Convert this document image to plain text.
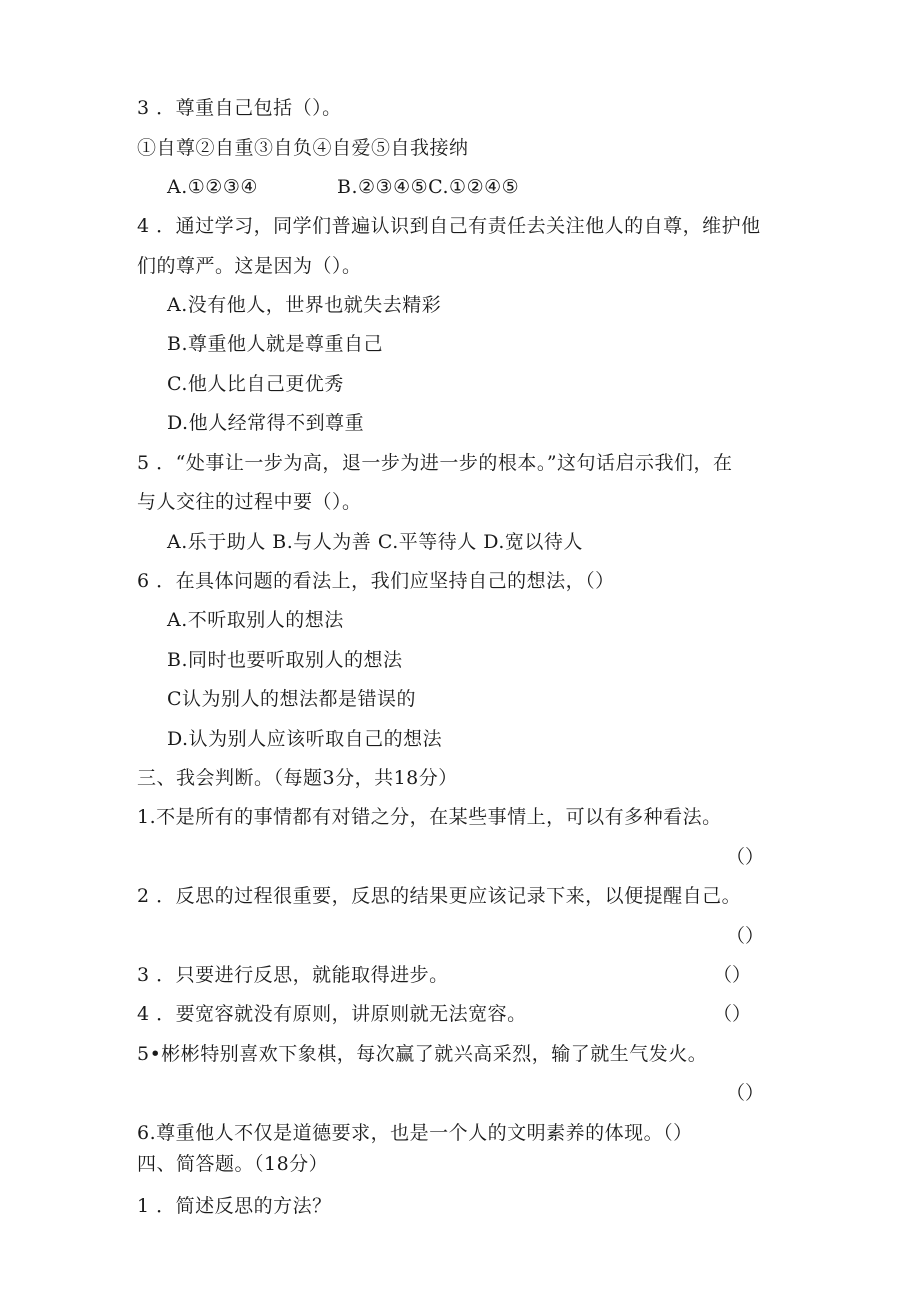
3 ．尊重自己包括（）。
①自尊②自重③自负④自爱⑤自我接纳
A.①②③④	B.②③④⑤C.①②④⑤
4 ．通过学习，同学们普遍认识到自己有责任去关注他人的自尊，维护他
们的尊严。这是因为（）。
A.没有他人，世界也就失去精彩
B.尊重他人就是尊重自己
C.他人比自己更优秀
D.他人经常得不到尊重
5 ．“处事让一步为高，退一步为进一步的根本。”这句话启示我们，在
与人交往的过程中要（）。
A.乐于助人 B.与人为善 C.平等待人 D.宽以待人
6 ．在具体问题的看法上，我们应坚持自己的想法，（）
A.不听取别人的想法
B.同时也要听取别人的想法
C认为别人的想法都是错误的
D.认为别人应该听取自己的想法
三、我会判断。（每题3分，共18分）
1.不是所有的事情都有对错之分，在某些事情上，可以有多种看法。
（）
2 ．反思的过程很重要，反思的结果更应该记录下来，以便提醒自己。
（）
3 ．只要进行反思，就能取得进步。	（）
4 ．要宽容就没有原则，讲原则就无法宽容。	（）
5•彬彬特别喜欢下象棋，每次赢了就兴高采烈，输了就生气发火。
（）
6.尊重他人不仅是道德要求，也是一个人的文明素养的体现。（）
四、简答题。（18分）
1 ．简述反思的方法？
